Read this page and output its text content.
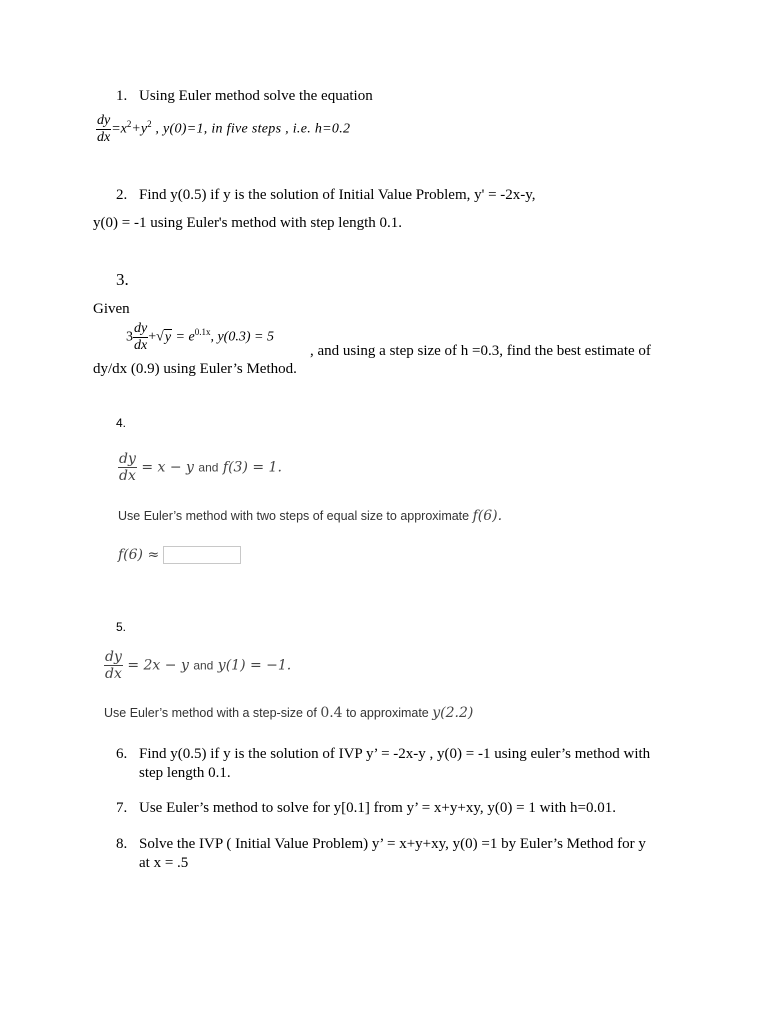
1. Using Euler method solve the equation
$\frac{dy}{dx} =x^2+y^2$ , y(0)=1, in five steps , i.e. h=0.2
2. Find y(0.5) if y is the solution of Initial Value Problem, y' = -2x-y,
y(0) = -1 using Euler's method with step length 0.1.
3.
Given
$3 \frac{dy}{dx} +√y = e^{0.1x}$, y(0.3) = 5
, and using a step size of h =0.3, find the best estimate of
dy/dx (0.9) using Euler’s Method.
4.
$\frac{dy}{dx} = x - y$ and f(3) = 1.
Use Euler’s method with two steps of equal size to approximate f(6).
f(6) ≈
5.
$\frac{dy}{dx} = 2x - y$ and y(1) = −1.
Use Euler’s method with a step-size of 0.4 to approximate y(2.2)
6. Find y(0.5) if y is the solution of IVP y’ = -2x-y , y(0) = -1 using euler’s method with
step length 0.1.
7. Use Euler’s method to solve for y[0.1] from y’ = x+y+xy, y(0) = 1 with h=0.01.
8. Solve the IVP ( Initial Value Problem) y’ = x+y+xy, y(0) =1 by Euler’s Method for y
at x = .5
